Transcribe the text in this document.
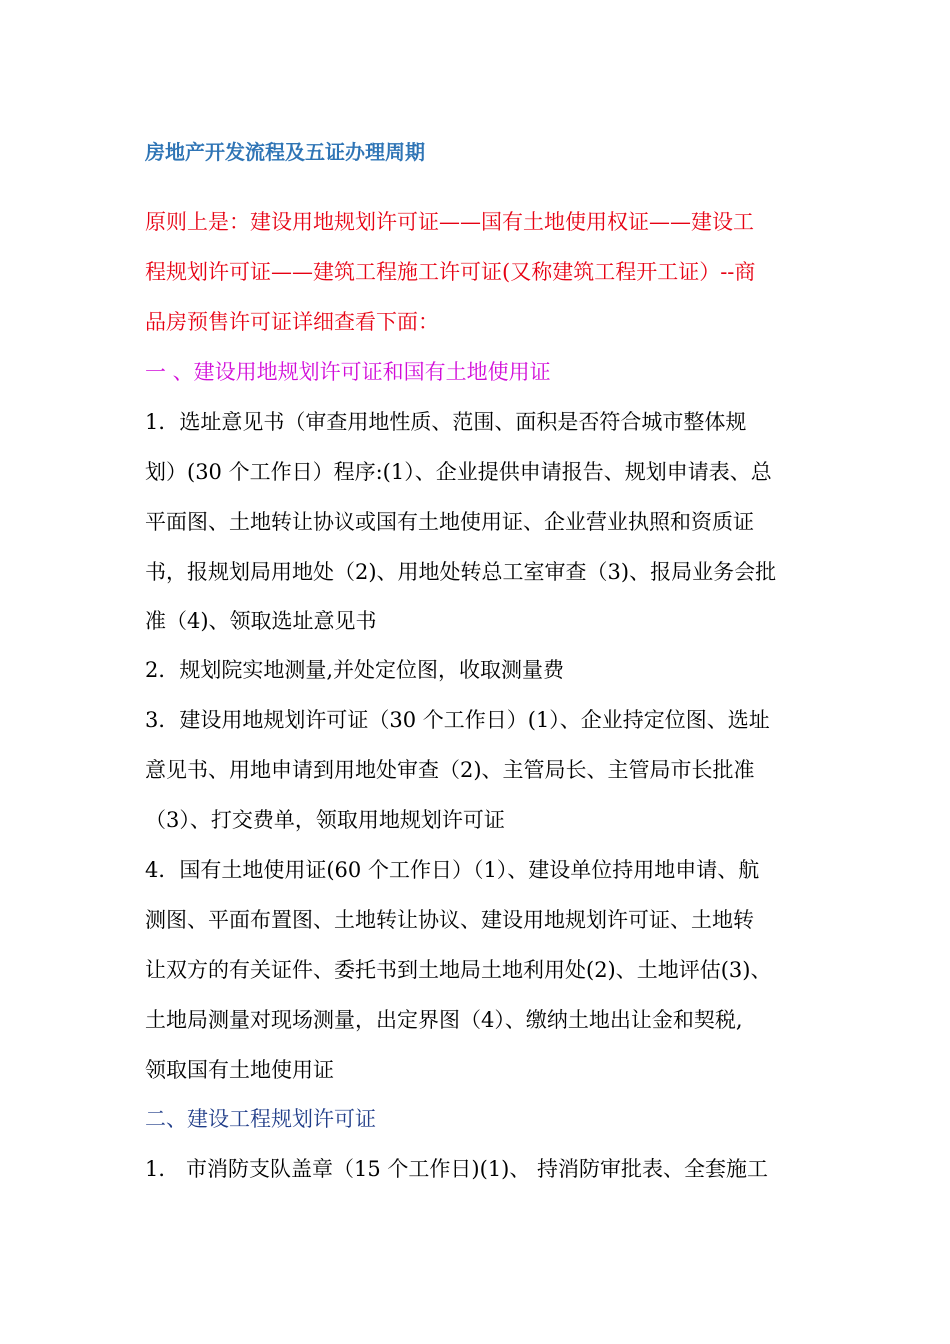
房地产开发流程及五证办理周期
原则上是：建设用地规划许可证——国有土地使用权证——建设工
程规划许可证——建筑工程施工许可证(又称建筑工程开工证）--商
品房预售许可证详细查看下面：
一 、建设用地规划许可证和国有土地使用证
1．选址意见书（审查用地性质、范围、面积是否符合城市整体规
划）(30 个工作日）程序:(1）、企业提供申请报告、规划申请表、总
平面图、土地转让协议或国有土地使用证、企业营业执照和资质证
书，报规划局用地处（2)、用地处转总工室审查（3)、报局业务会批
准（4)、领取选址意见书
2．规划院实地测量,并处定位图，收取测量费
3．建设用地规划许可证（30 个工作日）(1）、企业持定位图、选址
意见书、用地申请到用地处审查（2)、主管局长、主管局市长批准
（3）、打交费单，领取用地规划许可证
4．国有土地使用证(60 个工作日）（1）、建设单位持用地申请、航
测图、平面布置图、土地转让协议、建设用地规划许可证、土地转
让双方的有关证件、委托书到土地局土地利用处(2)、土地评估(3)、
土地局测量对现场测量，出定界图（4）、缴纳土地出让金和契税,
领取国有土地使用证
二、建设工程规划许可证
1． 市消防支队盖章（15 个工作日)(1)、 持消防审批表、全套施工
